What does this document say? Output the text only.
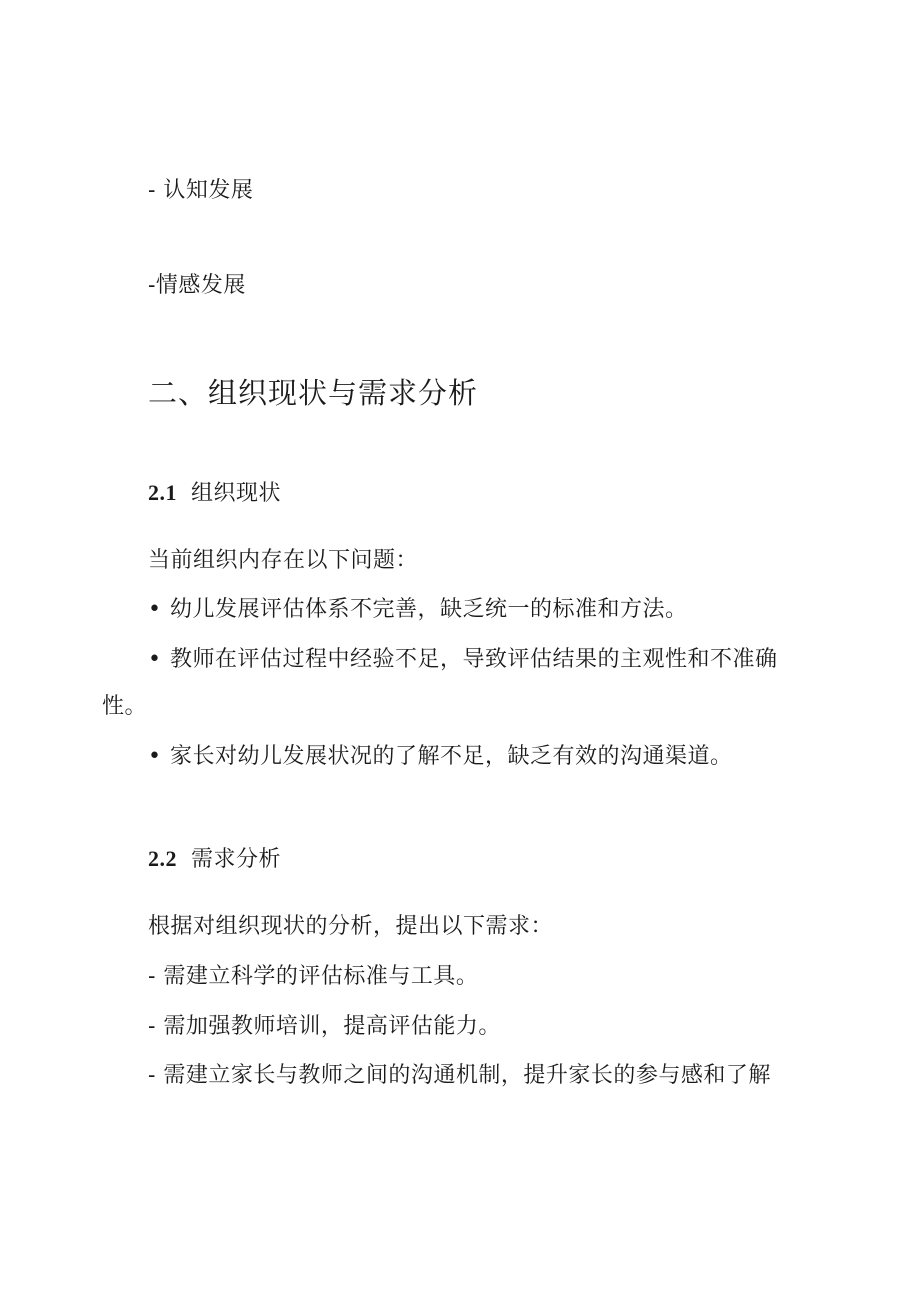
- 认知发展
-情感发展
二、组织现状与需求分析
2.1 组织现状
当前组织内存在以下问题：
• 幼儿发展评估体系不完善，缺乏统一的标准和方法。
• 教师在评估过程中经验不足，导致评估结果的主观性和不准确
性。
• 家长对幼儿发展状况的了解不足，缺乏有效的沟通渠道。
2.2 需求分析
根据对组织现状的分析，提出以下需求：
- 需建立科学的评估标准与工具。
- 需加强教师培训，提高评估能力。
- 需建立家长与教师之间的沟通机制，提升家长的参与感和了解
